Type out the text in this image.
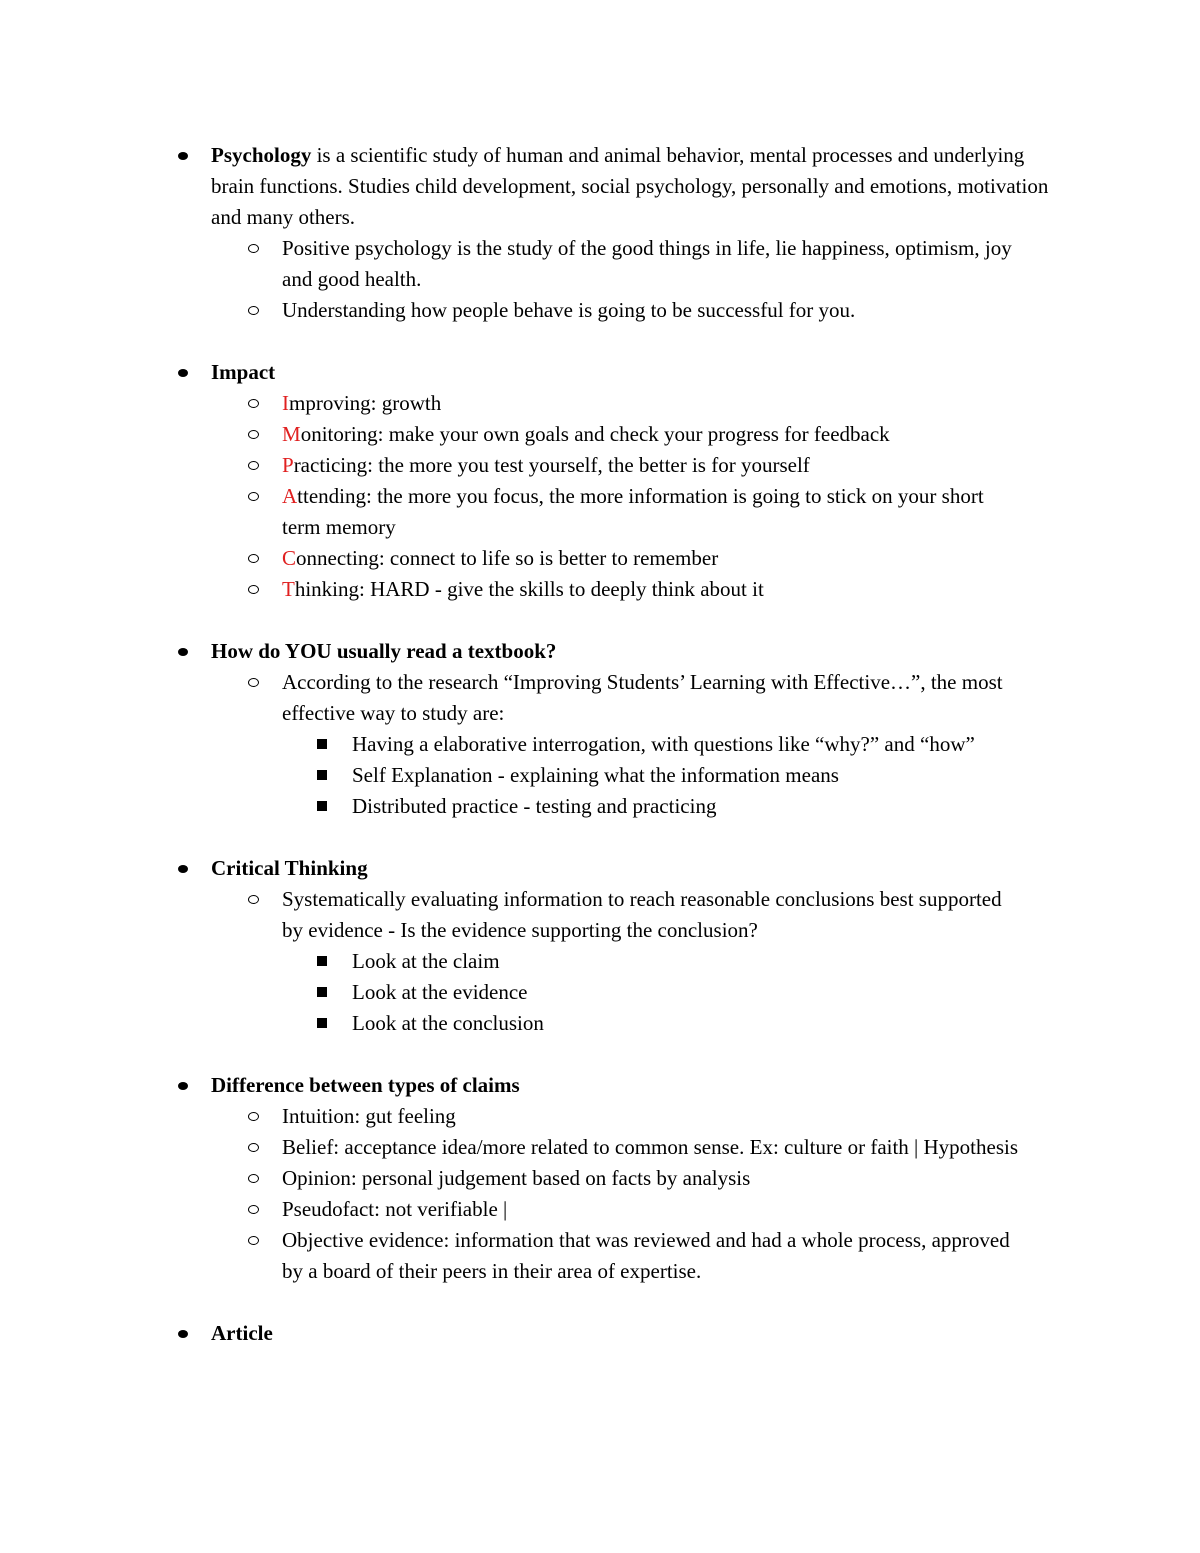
Psychology is a scientific study of human and animal behavior, mental processes and underlying brain functions. Studies child development, social psychology, personally and emotions, motivation and many others.
Positive psychology is the study of the good things in life, lie happiness, optimism, joy and good health.
Understanding how people behave is going to be successful for you.
Impact
Improving: growth
Monitoring: make your own goals and check your progress for feedback
Practicing: the more you test yourself, the better is for yourself
Attending: the more you focus, the more information is going to stick on your short term memory
Connecting: connect to life so is better to remember
Thinking: HARD - give the skills to deeply think about it
How do YOU usually read a textbook?
According to the research “Improving Students’ Learning with Effective…”, the most effective way to study are:
Having a elaborative interrogation, with questions like “why?” and “how”
Self Explanation - explaining what the information means
Distributed practice - testing and practicing
Critical Thinking
Systematically evaluating information to reach reasonable conclusions best supported by evidence - Is the evidence supporting the conclusion?
Look at the claim
Look at the evidence
Look at the conclusion
Difference between types of claims
Intuition: gut feeling
Belief: acceptance idea/more related to common sense. Ex: culture or faith | Hypothesis
Opinion: personal judgement based on facts by analysis
Pseudofact: not verifiable |
Objective evidence: information that was reviewed and had a whole process, approved by a board of their peers in their area of expertise.
Article
